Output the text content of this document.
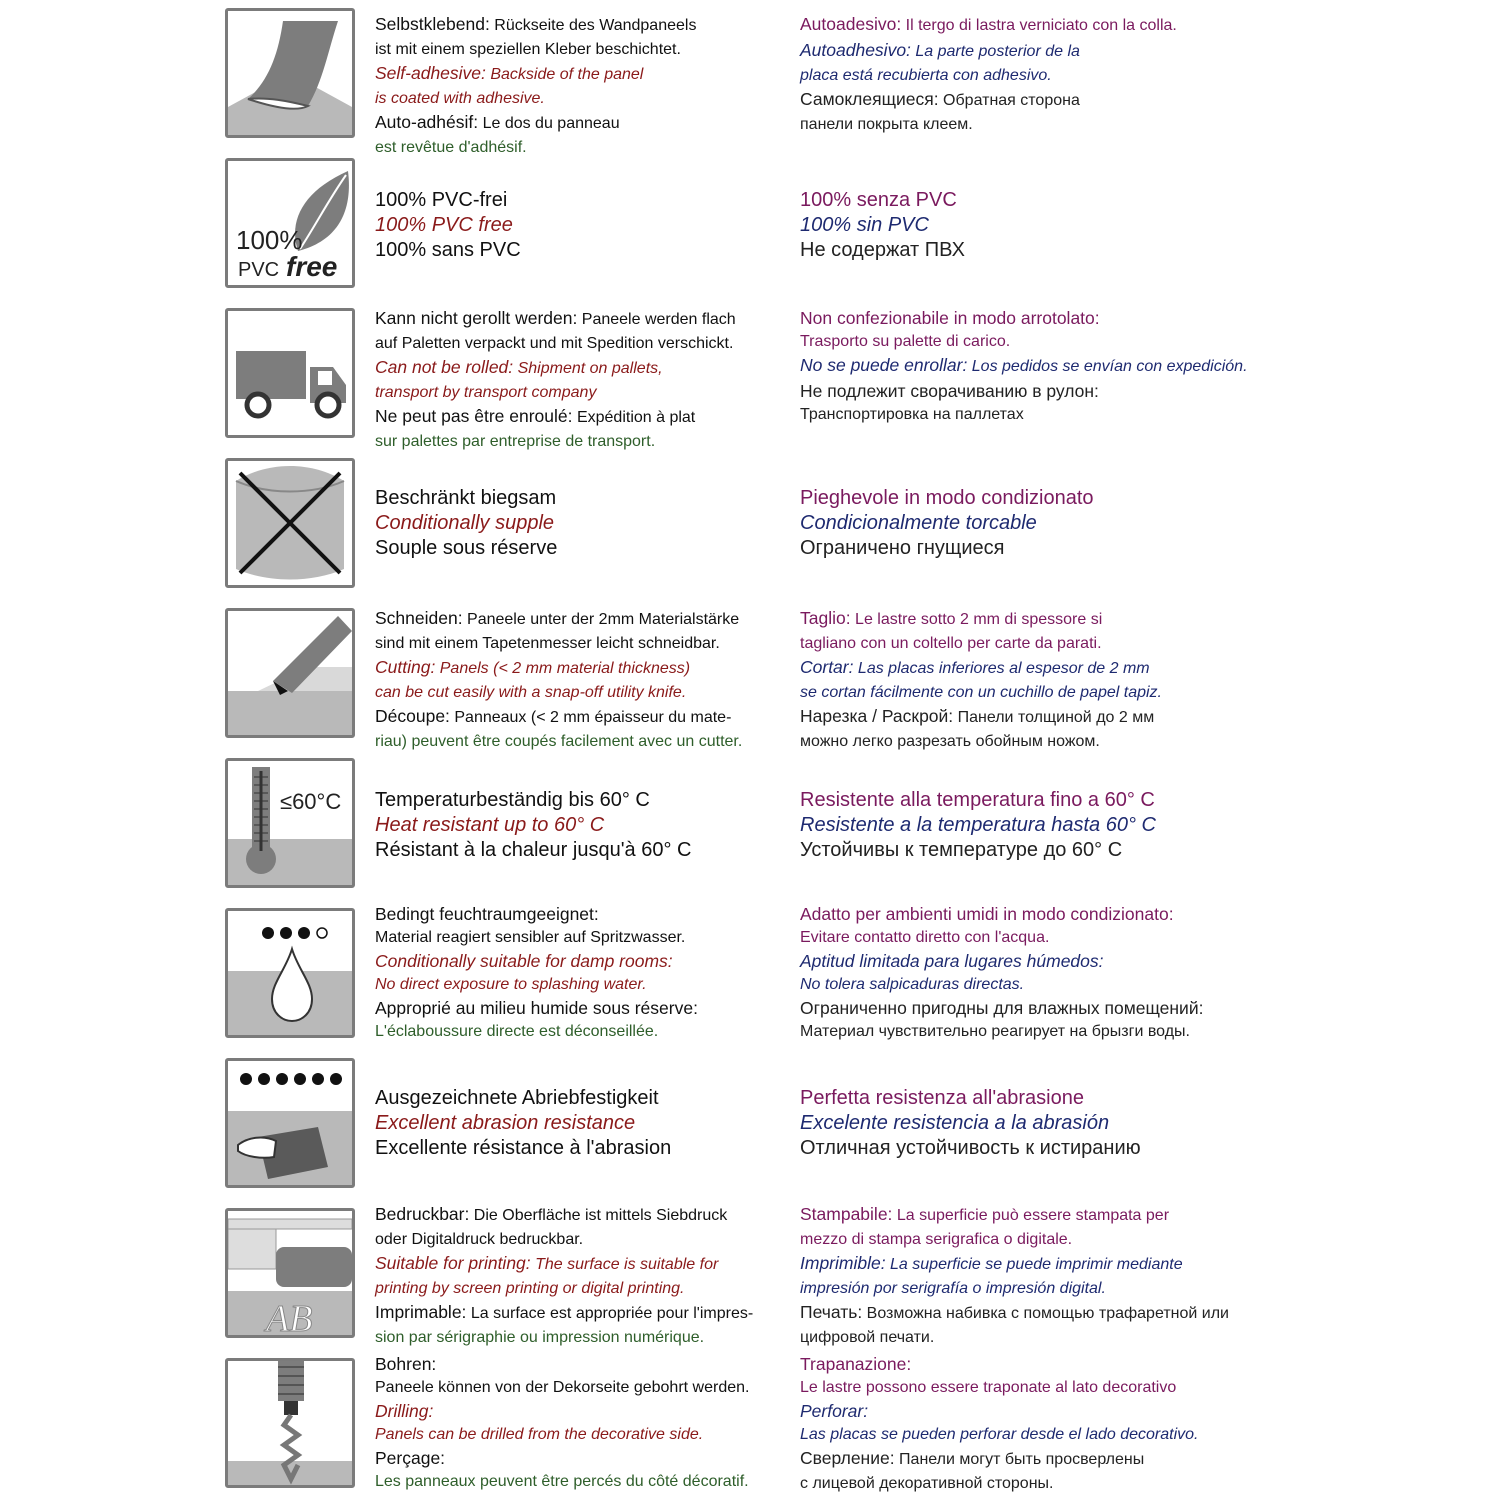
Selbstklebend: Rückseite des Wandpaneels
ist mit einem speziellen Kleber beschichtet.
Self-adhesive: Backside of the panel
is coated with adhesive.
Auto-adhésif: Le dos du panneau
est revêtue d'adhésif.
Autoadesivo: Il tergo di lastra verniciato con la colla.
Autoadhesivo: La parte posterior de la
placa está recubierta con adhesivo.
Самоклеящиеся: Обратная сторона
панели покрыта клеем.
100%
PVC free
100% PVC-frei
100% PVC free
100% sans PVC
100% senza PVC
100% sin PVC
Не содержат ПВХ
Kann nicht gerollt werden: Paneele werden flach
auf Paletten verpackt und mit Spedition verschickt.
Can not be rolled: Shipment on pallets,
transport by transport company
Ne peut pas être enroulé: Expédition à plat
sur palettes par entreprise de transport.
Non confezionabile in modo arrotolato:
Trasporto su palette di carico.
No se puede enrollar: Los pedidos se envían con expedición.
Не подлежит сворачиванию в рулон:
Транспортировка на паллетах
Beschränkt biegsam
Conditionally supple
Souple sous réserve
Pieghevole in modo condizionato
Condicionalmente torcable
Ограничено гнущиеся
Schneiden: Paneele unter der 2mm Materialstärke
sind mit einem Tapetenmesser leicht schneidbar.
Cutting: Panels (< 2 mm material thickness)
can be cut easily with a snap-off utility knife.
Découpe: Panneaux (< 2 mm épaisseur du mate-
riau) peuvent être coupés facilement avec un cutter.
Taglio: Le lastre sotto 2 mm di spessore si
tagliano con un coltello per carte da parati.
Cortar: Las placas inferiores al espesor de 2 mm
se cortan fácilmente con un cuchillo de papel tapiz.
Нарезка / Раскрой: Панели толщиной до 2 мм
можно легко разрезать обойным ножом.
≤60°C Temperaturbeständig bis 60° C
Heat resistant up to 60° C
Résistant à la chaleur jusqu'à 60° C
Resistente alla temperatura fino a 60° C
Resistente a la temperatura hasta 60° C
Устойчивы к температуре до 60° C
Bedingt feuchtraumgeeignet:
Material reagiert sensibler auf Spritzwasser.
Conditionally suitable for damp rooms:
No direct exposure to splashing water.
Approprié au milieu humide sous réserve:
L'éclaboussure directe est déconseillée.
Adatto per ambienti umidi in modo condizionato:
Evitare contatto diretto con l'acqua.
Aptitud limitada para lugares húmedos:
No tolera salpicaduras directas.
Ограниченно пригодны для влажных помещений:
Материал чувствительно реагирует на брызги воды.
Ausgezeichnete Abriebfestigkeit
Excellent abrasion resistance
Excellente résistance à l'abrasion
Perfetta resistenza all'abrasione
Excelente resistencia a la abrasión
Отличная устойчивость к истиранию
AB
Bedruckbar: Die Oberfläche ist mittels Siebdruck
oder Digitaldruck bedruckbar.
Suitable for printing: The surface is suitable for
printing by screen printing or digital printing.
Imprimable: La surface est appropriée pour l'impres-
sion par sérigraphie ou impression numérique.
Stampabile: La superficie può essere stampata per
mezzo di stampa serigrafica o digitale.
Imprimible: La superficie se puede imprimir mediante
impresión por serigrafía o impresión digital.
Печать: Возможна набивка с помощью трафаретной или
цифровой печати.
Bohren:
Paneele können von der Dekorseite gebohrt werden.
Drilling:
Panels can be drilled from the decorative side.
Perçage:
Les panneaux peuvent être percés du côté décoratif.
Trapanazione:
Le lastre possono essere traponate al lato decorativo
Perforar:
Las placas se pueden perforar desde el lado decorativo.
Сверление: Панели могут быть просверлены
с лицевой декоративной стороны.
